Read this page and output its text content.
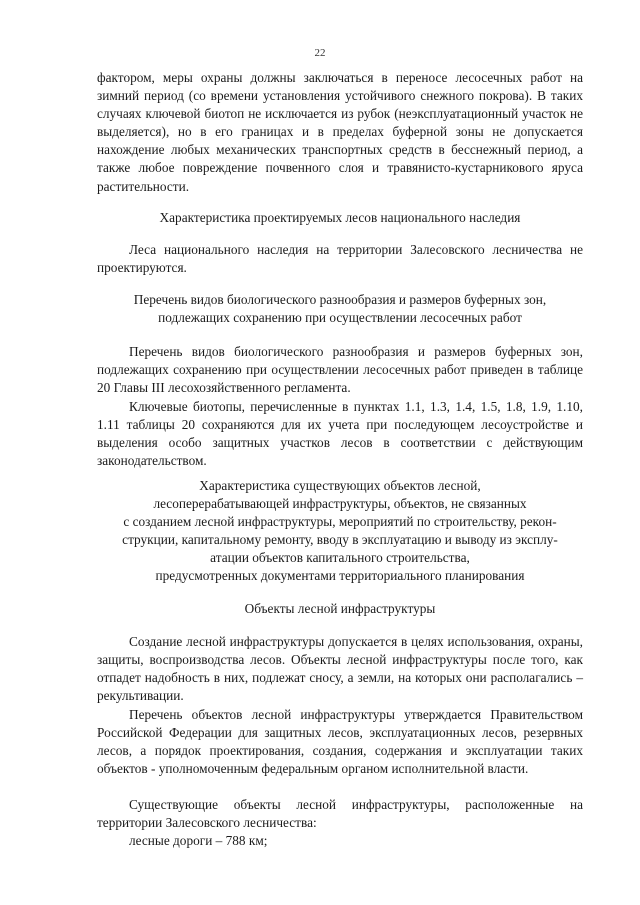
22

фактором, меры охраны должны заключаться в переносе лесосечных работ на зимний период (со времени установления устойчивого снежного покрова). В таких случаях ключевой биотоп не исключается из рубок (неэксплуатационный участок не выделяется), но в его границах и в пределах буферной зоны не допускается нахождение любых механических транспортных средств в бесснежный период, а также любое повреждение почвенного слоя и травянисто-кустарникового яруса растительности.

Характеристика проектируемых лесов национального наследия

Леса национального наследия на территории Залесовского лесничества не проектируются.

Перечень видов биологического разнообразия и размеров буферных зон,

подлежащих сохранению при осуществлении лесосечных работ

Перечень видов биологического разнообразия и размеров буферных зон, подлежащих сохранению при осуществлении лесосечных работ приведен в таблице 20 Главы III лесохозяйственного регламента.

Ключевые биотопы, перечисленные в пунктах 1.1, 1.3, 1.4, 1.5, 1.8, 1.9, 1.10, 1.11 таблицы 20 сохраняются для их учета при последующем лесоустройстве и выделения особо защитных участков лесов в соответствии с действующим законодательством.

Характеристика существующих объектов лесной,

лесоперерабатывающей инфраструктуры, объектов, не связанных

с созданием лесной инфраструктуры, мероприятий по строительству, рекон-

струкции, капитальному ремонту, вводу в эксплуатацию и выводу из эксплу-

атации объектов капитального строительства,

предусмотренных документами территориального планирования

Объекты лесной инфраструктуры

Создание лесной инфраструктуры допускается в целях использования, охраны, защиты, воспроизводства лесов. Объекты лесной инфраструктуры после того, как отпадет надобность в них, подлежат сносу, а земли, на которых они располагались – рекультивации.

Перечень объектов лесной инфраструктуры утверждается Правительством Российской Федерации для защитных лесов, эксплуатационных лесов, резервных лесов, а порядок проектирования, создания, содержания и эксплуатации таких объектов - уполномоченным федеральным органом исполнительной власти.

Существующие объекты лесной инфраструктуры, расположенные на территории Залесовского лесничества:

лесные дороги – 788 км;
